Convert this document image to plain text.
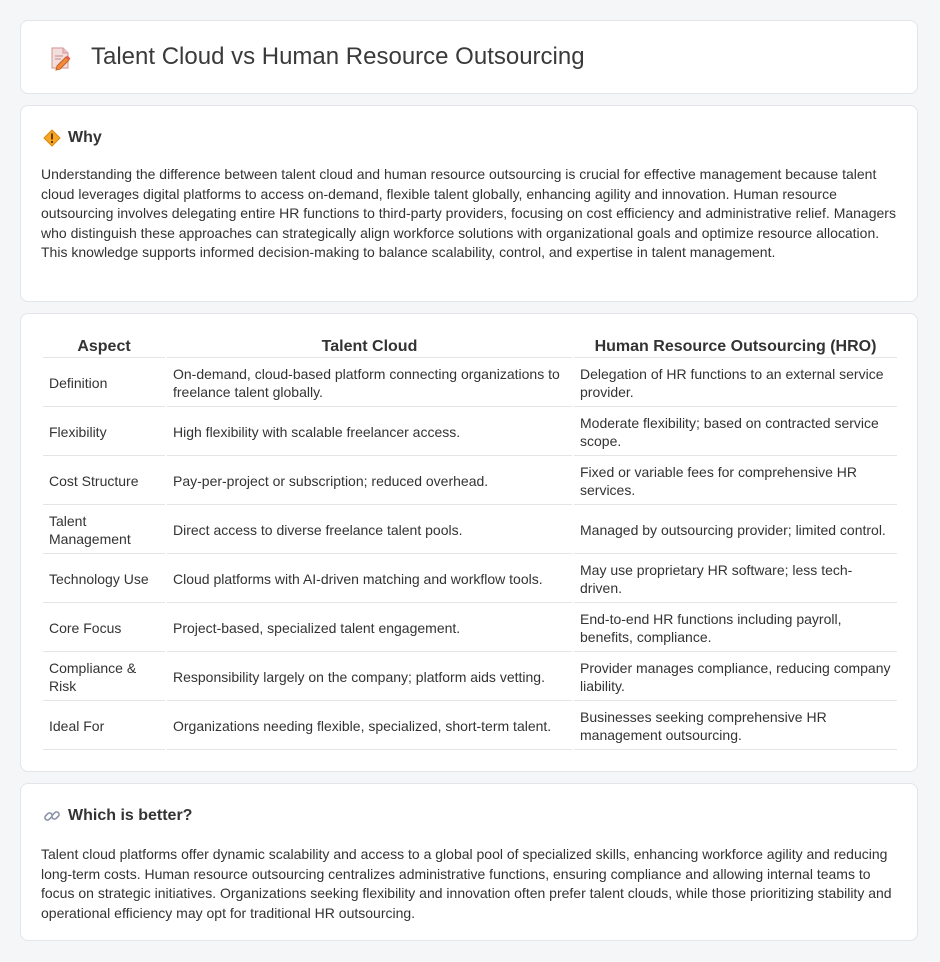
Talent Cloud vs Human Resource Outsourcing
Why
Understanding the difference between talent cloud and human resource outsourcing is crucial for effective management because talent cloud leverages digital platforms to access on-demand, flexible talent globally, enhancing agility and innovation. Human resource outsourcing involves delegating entire HR functions to third-party providers, focusing on cost efficiency and administrative relief. Managers who distinguish these approaches can strategically align workforce solutions with organizational goals and optimize resource allocation. This knowledge supports informed decision-making to balance scalability, control, and expertise in talent management.
Aspect	Talent Cloud	Human Resource Outsourcing (HRO)
Definition	On-demand, cloud-based platform connecting organizations to freelance talent globally.	Delegation of HR functions to an external service provider.
Flexibility	High flexibility with scalable freelancer access.	Moderate flexibility; based on contracted service scope.
Cost Structure	Pay-per-project or subscription; reduced overhead.	Fixed or variable fees for comprehensive HR services.
Talent Management	Direct access to diverse freelance talent pools.	Managed by outsourcing provider; limited control.
Technology Use	Cloud platforms with AI-driven matching and workflow tools.	May use proprietary HR software; less tech-driven.
Core Focus	Project-based, specialized talent engagement.	End-to-end HR functions including payroll, benefits, compliance.
Compliance & Risk	Responsibility largely on the company; platform aids vetting.	Provider manages compliance, reducing company liability.
Ideal For	Organizations needing flexible, specialized, short-term talent.	Businesses seeking comprehensive HR management outsourcing.
Which is better?
Talent cloud platforms offer dynamic scalability and access to a global pool of specialized skills, enhancing workforce agility and reducing long-term costs. Human resource outsourcing centralizes administrative functions, ensuring compliance and allowing internal teams to focus on strategic initiatives. Organizations seeking flexibility and innovation often prefer talent clouds, while those prioritizing stability and operational efficiency may opt for traditional HR outsourcing.
